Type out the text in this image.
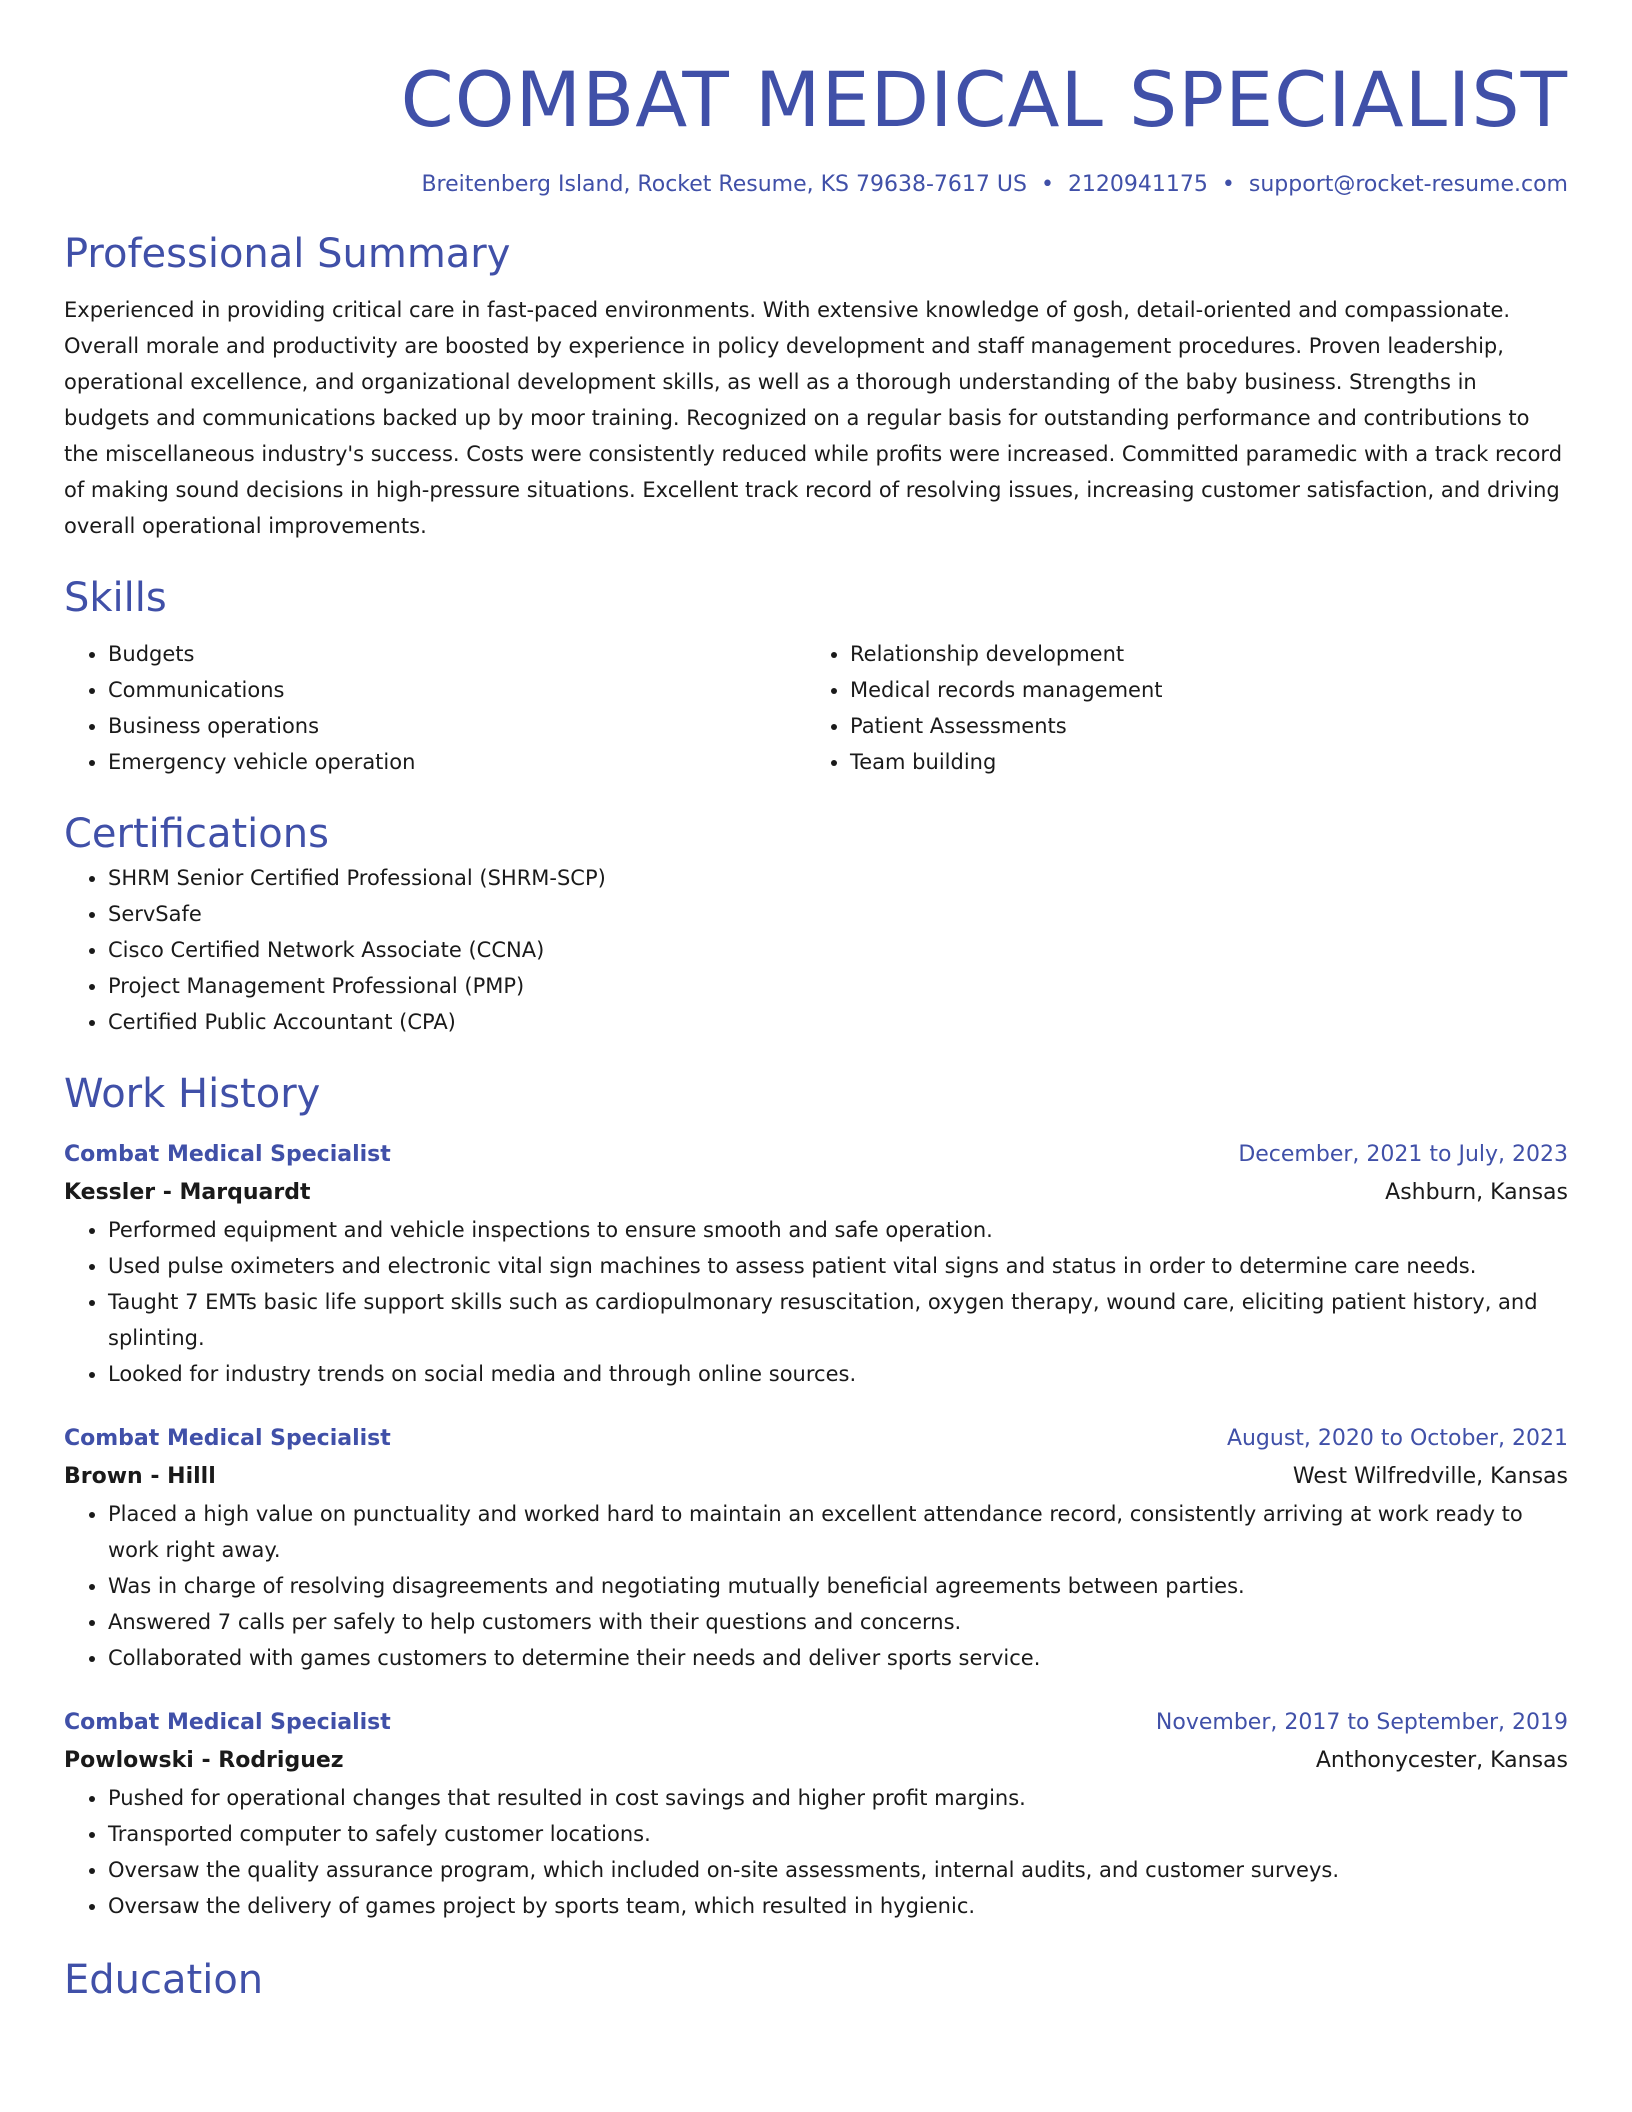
COMBAT MEDICAL SPECIALIST
Breitenberg Island, Rocket Resume, KS 79638-7617 US • 2120941175 • support@rocket-resume.com
Professional Summary

Experienced in providing critical care in fast-paced environments. With extensive knowledge of gosh, detail-oriented and compassionate. Overall morale and productivity are boosted by experience in policy development and staff management procedures. Proven leadership, operational excellence, and organizational development skills, as well as a thorough understanding of the baby business. Strengths in budgets and communications backed up by moor training. Recognized on a regular basis for outstanding performance and contributions to the miscellaneous industry's success. Costs were consistently reduced while profits were increased. Committed paramedic with a track record of making sound decisions in high-pressure situations. Excellent track record of resolving issues, increasing customer satisfaction, and driving overall operational improvements.

Skills
• Budgets
• Communications
• Business operations
• Emergency vehicle operation
• Relationship development
• Medical records management
• Patient Assessments
• Team building
Certifications
• SHRM Senior Certified Professional (SHRM-SCP)
• ServSafe
• Cisco Certified Network Associate (CCNA)
• Project Management Professional (PMP)
• Certified Public Accountant (CPA)
Work History
Combat Medical Specialist	December, 2021 to July, 2023
Kessler - Marquardt	Ashburn, Kansas
• Performed equipment and vehicle inspections to ensure smooth and safe operation.
• Used pulse oximeters and electronic vital sign machines to assess patient vital signs and status in order to determine care needs.
• Taught 7 EMTs basic life support skills such as cardiopulmonary resuscitation, oxygen therapy, wound care, eliciting patient history, and splinting.
• Looked for industry trends on social media and through online sources.
Combat Medical Specialist	August, 2020 to October, 2021
Brown - Hilll	West Wilfredville, Kansas
• Placed a high value on punctuality and worked hard to maintain an excellent attendance record, consistently arriving at work ready to work right away.
• Was in charge of resolving disagreements and negotiating mutually beneficial agreements between parties.
• Answered 7 calls per safely to help customers with their questions and concerns.
• Collaborated with games customers to determine their needs and deliver sports service.
Combat Medical Specialist	November, 2017 to September, 2019
Powlowski - Rodriguez	Anthonycester, Kansas
• Pushed for operational changes that resulted in cost savings and higher profit margins.
• Transported computer to safely customer locations.
• Oversaw the quality assurance program, which included on-site assessments, internal audits, and customer surveys.
• Oversaw the delivery of games project by sports team, which resulted in hygienic.
Education
